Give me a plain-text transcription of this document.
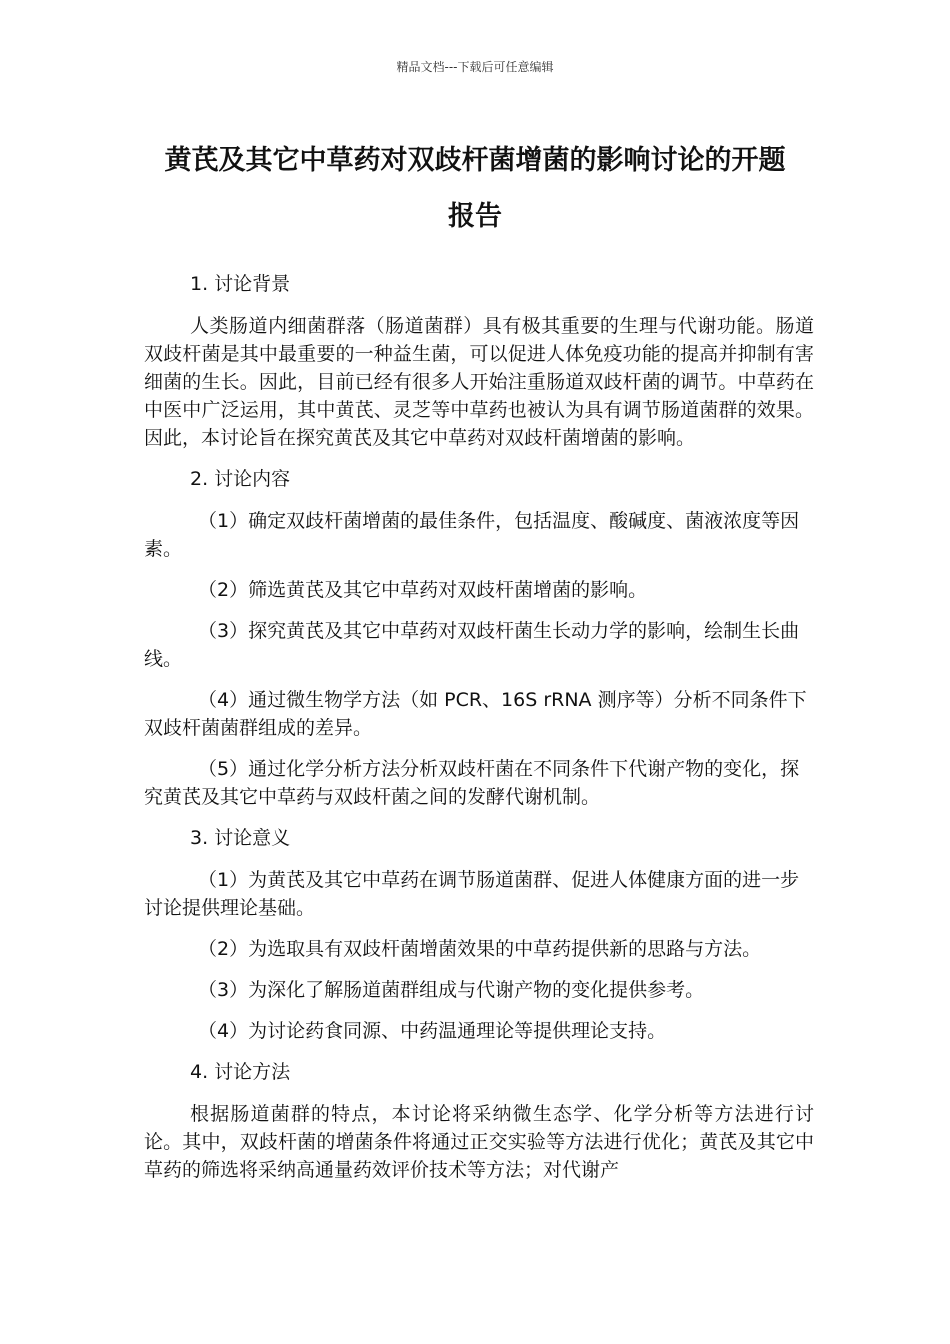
精品文档---下载后可任意编辑
黄芪及其它中草药对双歧杆菌增菌的影响讨论的开题
报告
1. 讨论背景

人类肠道内细菌群落（肠道菌群）具有极其重要的生理与代谢功能。肠道双歧杆菌是其中最重要的一种益生菌，可以促进人体免疫功能的提高并抑制有害细菌的生长。因此，目前已经有很多人开始注重肠道双歧杆菌的调节。中草药在中医中广泛运用，其中黄芪、灵芝等中草药也被认为具有调节肠道菌群的效果。因此，本讨论旨在探究黄芪及其它中草药对双歧杆菌增菌的影响。

2. 讨论内容

（1）确定双歧杆菌增菌的最佳条件，包括温度、酸碱度、菌液浓度等因素。

（2）筛选黄芪及其它中草药对双歧杆菌增菌的影响。

（3）探究黄芪及其它中草药对双歧杆菌生长动力学的影响，绘制生长曲线。

（4）通过微生物学方法（如 PCR、16S rRNA 测序等）分析不同条件下双歧杆菌菌群组成的差异。

（5）通过化学分析方法分析双歧杆菌在不同条件下代谢产物的变化，探究黄芪及其它中草药与双歧杆菌之间的发酵代谢机制。

3. 讨论意义

（1）为黄芪及其它中草药在调节肠道菌群、促进人体健康方面的进一步讨论提供理论基础。

（2）为选取具有双歧杆菌增菌效果的中草药提供新的思路与方法。

（3）为深化了解肠道菌群组成与代谢产物的变化提供参考。

（4）为讨论药食同源、中药温通理论等提供理论支持。

4. 讨论方法

根据肠道菌群的特点，本讨论将采纳微生态学、化学分析等方法进行讨论。其中，双歧杆菌的增菌条件将通过正交实验等方法进行优化；黄芪及其它中草药的筛选将采纳高通量药效评价技术等方法；对代谢产
